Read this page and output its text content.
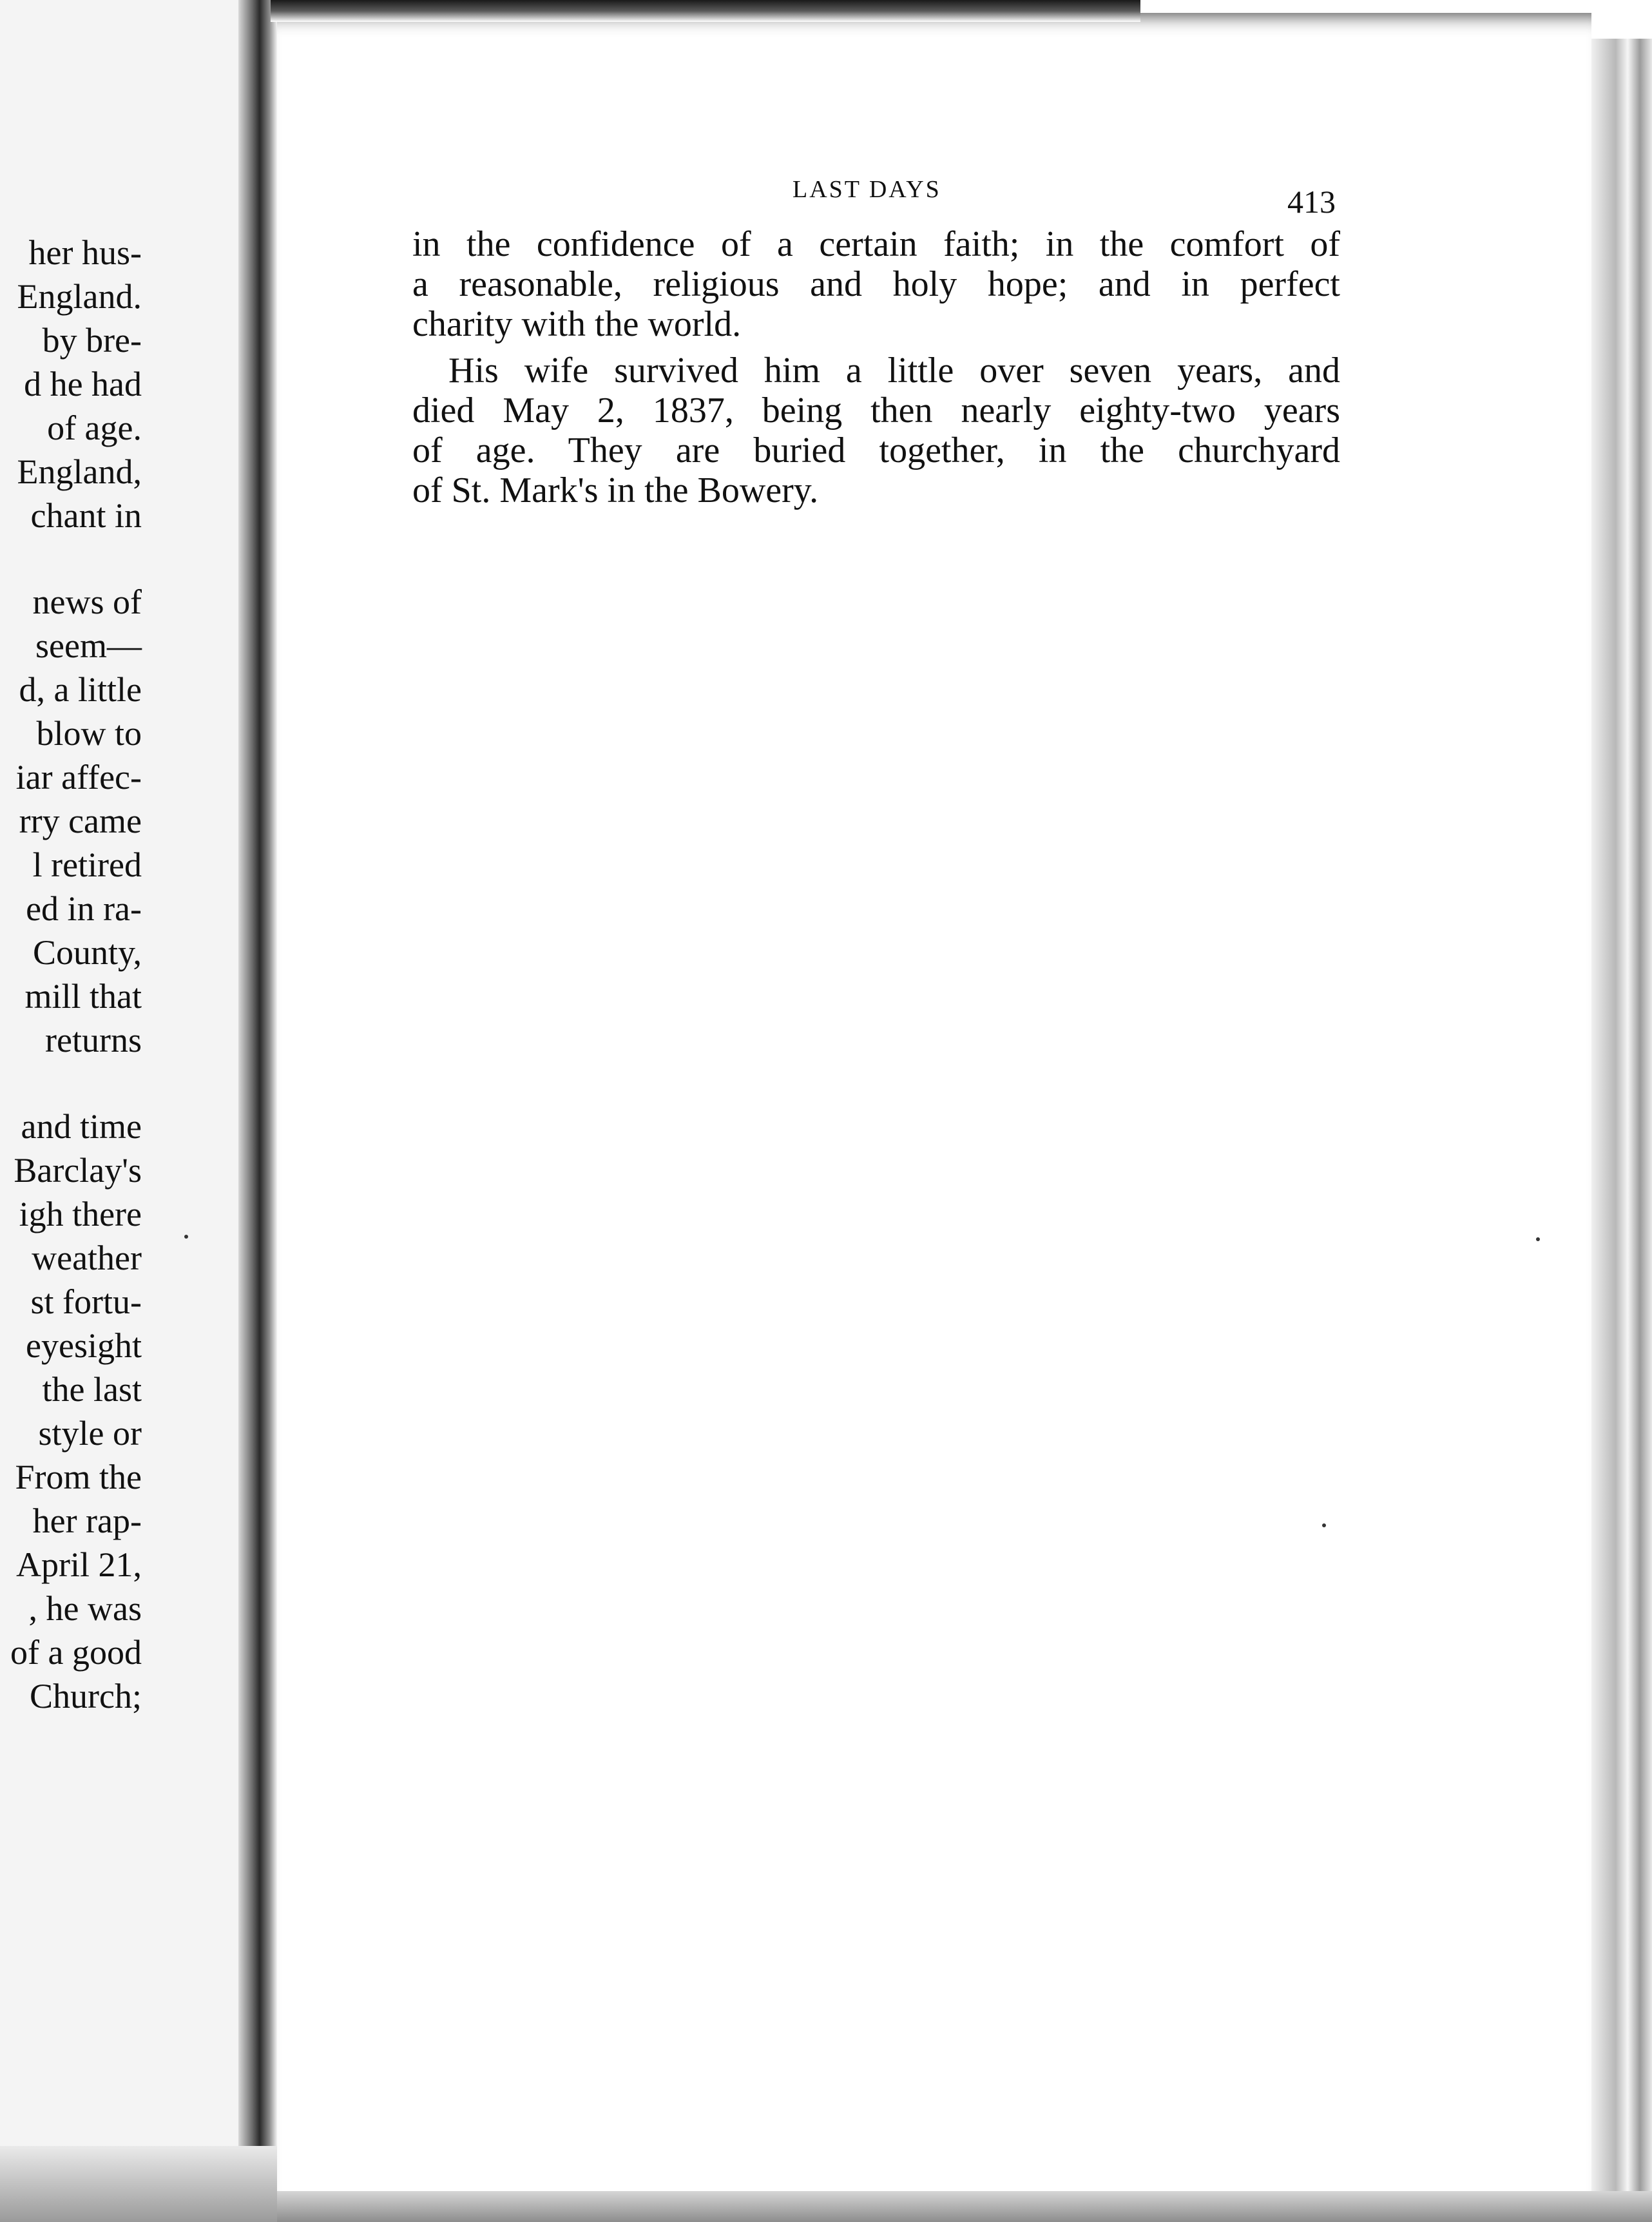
her hus-
England.
by bre-
d he had
of age.
England,
chant in
news of
seem—
d, a little
blow to
iar affec-
rry came
l retired
ed in ra-
County,
mill that
returns
and time
Barclay's
igh there
weather
st fortu-
eyesight
the last
style or
From the
her rap-
April 21,
, he was
of a good
Church;
LAST DAYS	413
in the confidence of a certain faith; in the comfort of
a reasonable, religious and holy hope; and in perfect
charity with the world.
His wife survived him a little over seven years, and
died May 2, 1837, being then nearly eighty-two years
of age. They are buried together, in the churchyard
of St. Mark's in the Bowery.
